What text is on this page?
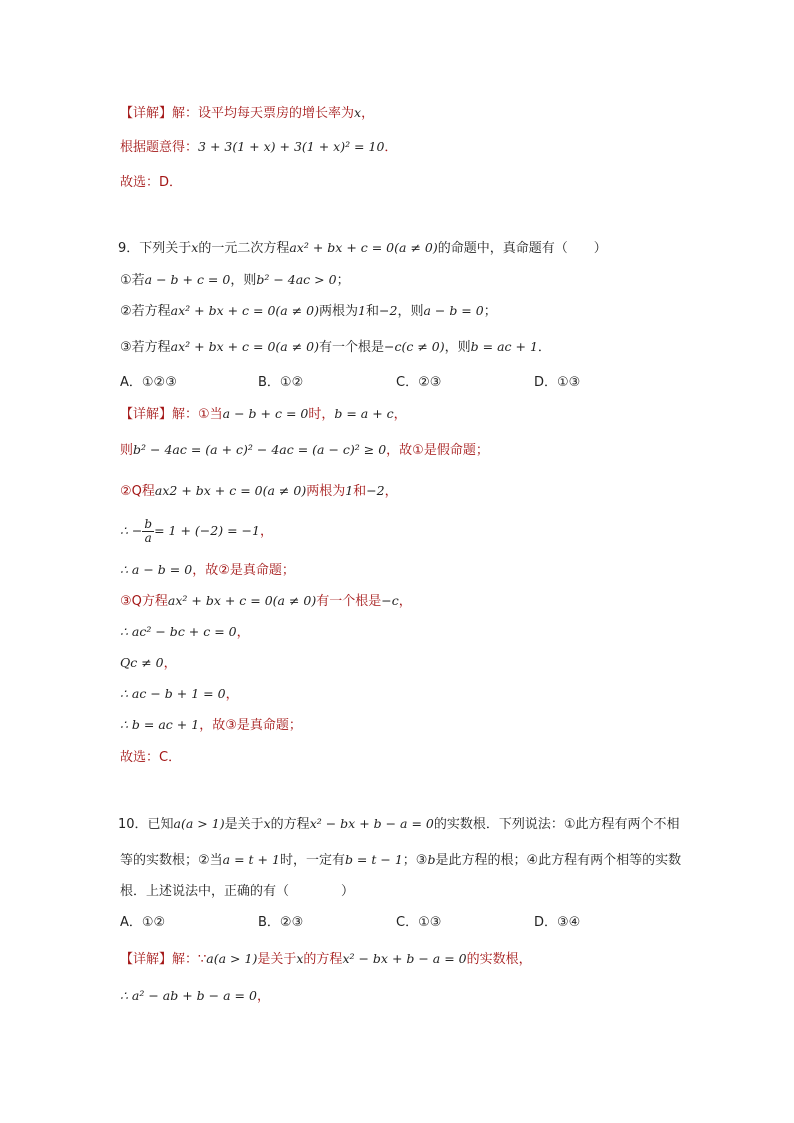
【详解】解：设平均每天票房的增长率为x，
根据题意得：3 + 3(1 + x) + 3(1 + x)² = 10．
故选：D．
9．下列关于x的一元二次方程ax² + bx + c = 0(a ≠ 0)的命题中，真命题有（　　）
①若a − b + c = 0，则b² − 4ac > 0；
②若方程ax² + bx + c = 0(a ≠ 0)两根为1和−2，则a − b = 0；
③若方程ax² + bx + c = 0(a ≠ 0)有一个根是−c(c ≠ 0)，则b = ac + 1．
A．①②③	B．①②	C．②③	D．①③
【详解】解：①当a − b + c = 0时，b = a + c，
则b² − 4ac = (a + c)² − 4ac = (a − c)² ≥ 0，故①是假命题；
②Q程ax2 + bx + c = 0(a ≠ 0)两根为1和−2，
∴ − $\frac{b}{a} = 1 + (-2) = -1$，
∴ a − b = 0，故②是真命题；
③Q方程ax² + bx + c = 0(a ≠ 0)有一个根是−c，
∴ ac² − bc + c = 0，
Qc ≠ 0，
∴ ac − b + 1 = 0，
∴ b = ac + 1，故③是真命题；
故选：C．
10．已知a(a > 1)是关于x的方程x² − bx + b − a = 0的实数根．下列说法：①此方程有两个不相
等的实数根；②当a = t + 1时，一定有b = t − 1；③b是此方程的根；④此方程有两个相等的实数
根．上述说法中，正确的有（　　　　）
A．①②	B．②③	C．①③	D．③④
【详解】解：∵a(a > 1)是关于x的方程x² − bx + b − a = 0的实数根，
∴ a² − ab + b − a = 0，
